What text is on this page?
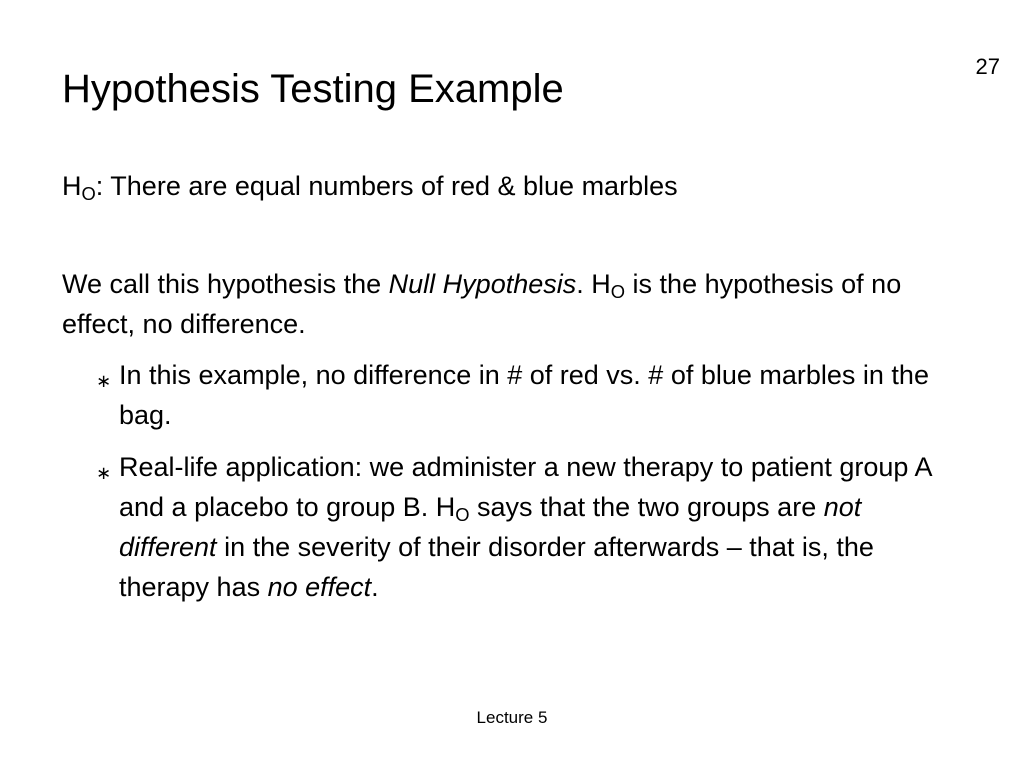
27
Hypothesis Testing Example

$H_O$: There are equal numbers of red & blue marbles

We call this hypothesis the Null Hypothesis. $H_O$ is the hypothesis of no effect, no difference.

∗ In this example, no difference in # of red vs. # of blue marbles in the bag.
∗ Real-life application: we administer a new therapy to patient group A and a placebo to group B. $H_O$ says that the two groups are not different in the severity of their disorder afterwards – that is, the therapy has no effect.
Lecture 5
